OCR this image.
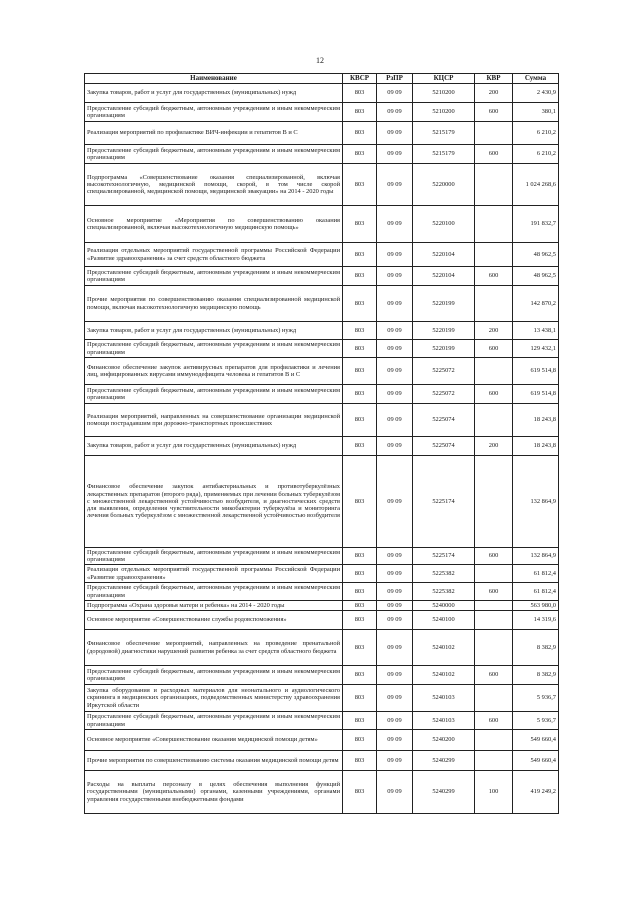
12
Наименование	КВСР	РзПР	КЦСР	КВР	Сумма
Закупка товаров, работ и услуг для государственных (муниципальных) нужд	803	09 09	5210200	200	2 430,9
Предоставление субсидий бюджетным, автономным учреждениям и иным некоммерческим организациям	803	09 09	5210200	600	380,1
Реализация мероприятий по профилактике ВИЧ-инфекции и гепатитов В и С	803	09 09	5215179		6 210,2
Предоставление субсидий бюджетным, автономным учреждениям и иным некоммерческим организациям	803	09 09	5215179	600	6 210,2
Подпрограмма «Совершенствование оказания специализированной, включая высокотехнологичную, медицинской помощи, скорой, в том числе скорой специализированной, медицинской помощи, медицинской эвакуации» на 2014 - 2020 годы	803	09 09	5220000		1 024 268,6
Основное мероприятие «Мероприятия по совершенствованию оказания специализированной, включая высокотехнологичную медицинскую помощь»	803	09 09	5220100		191 832,7
Реализация отдельных мероприятий государственной программы Российской Федерации «Развитие здравоохранения» за счет средств областного бюджета	803	09 09	5220104		48 962,5
Предоставление субсидий бюджетным, автономным учреждениям и иным некоммерческим организациям	803	09 09	5220104	600	48 962,5
Прочие мероприятия по совершенствованию оказания специализированной медицинской помощи, включая высокотехнологичную медицинскую помощь	803	09 09	5220199		142 870,2
Закупка товаров, работ и услуг для государственных (муниципальных) нужд	803	09 09	5220199	200	13 438,1
Предоставление субсидий бюджетным, автономным учреждениям и иным некоммерческим организациям	803	09 09	5220199	600	129 432,1
Финансовое обеспечение закупок антивирусных препаратов для профилактики и лечения лиц, инфицированных вирусами иммунодефицита человека и гепатитов В и С	803	09 09	5225072		619 514,8
Предоставление субсидий бюджетным, автономным учреждениям и иным некоммерческим организациям	803	09 09	5225072	600	619 514,8
Реализация мероприятий, направленных на совершенствование организации медицинской помощи пострадавшим при дорожно-транспортных происшествиях	803	09 09	5225074		18 243,8
Закупка товаров, работ и услуг для государственных (муниципальных) нужд	803	09 09	5225074	200	18 243,8
Финансовое обеспечение закупок антибактериальных и противотуберкулёзных лекарственных препаратов (второго ряда), применяемых при лечении больных туберкулёзом с множественной лекарственной устойчивостью возбудителя, и диагностических средств для выявления, определения чувствительности микобактерии туберкулёза и мониторинга лечения больных туберкулёзом с множественной лекарственной устойчивостью возбудителя	803	09 09	5225174		132 864,9
Предоставление субсидий бюджетным, автономным учреждениям и иным некоммерческим организациям	803	09 09	5225174	600	132 864,9
Реализация отдельных мероприятий государственной программы Российской Федерации «Развитие здравоохранения»	803	09 09	5225382		61 812,4
Предоставление субсидий бюджетным, автономным учреждениям и иным некоммерческим организациям	803	09 09	5225382	600	61 812,4
Подпрограмма «Охрана здоровья матери и ребенка» на 2014 - 2020 годы	803	09 09	5240000		563 980,0
Основное мероприятие «Совершенствование службы родовспоможения»	803	09 09	5240100		14 319,6
Финансовое обеспечение мероприятий, направленных на проведение пренатальной (дородовой) диагностики нарушений развития ребенка за счет средств областного бюджета	803	09 09	5240102		8 382,9
Предоставление субсидий бюджетным, автономным учреждениям и иным некоммерческим организациям	803	09 09	5240102	600	8 382,9
Закупка оборудования и расходных материалов для неонатального и аудиологического скрининга в медицинских организациях, подведомственных министерству здравоохранения Иркутской области	803	09 09	5240103		5 936,7
Предоставление субсидий бюджетным, автономным учреждениям и иным некоммерческим организациям	803	09 09	5240103	600	5 936,7
Основное мероприятие «Совершенствование оказания медицинской помощи детям»	803	09 09	5240200		549 660,4
Прочие мероприятия по совершенствованию системы оказания медицинской помощи детям	803	09 09	5240299		549 660,4
Расходы на выплаты персоналу в целях обеспечения выполнения функций государственными (муниципальными) органами, казенными учреждениями, органами управления государственными внебюджетными фондами	803	09 09	5240299	100	419 249,2
